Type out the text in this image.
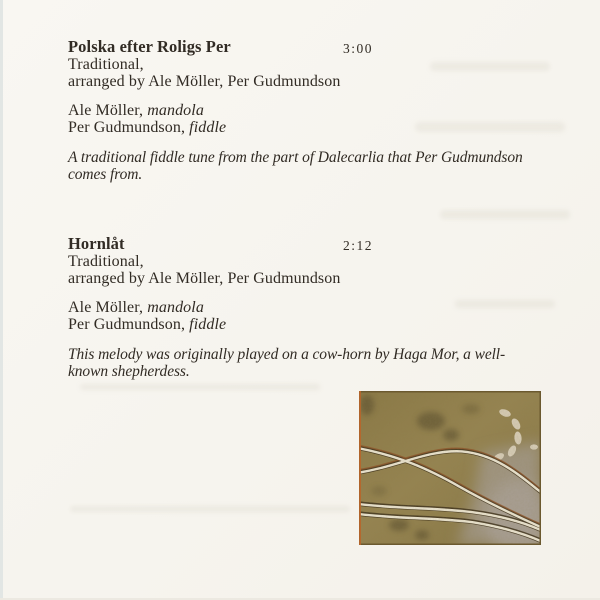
Polska efter Roligs Per	3:00

Traditional,

arranged by Ale Möller, Per Gudmundson

Ale Möller, mandola

Per Gudmundson, fiddle

A traditional fiddle tune from the part of Dalecarlia that Per Gudmundson

comes from.

Hornlåt	2:12

Traditional,

arranged by Ale Möller, Per Gudmundson

Ale Möller, mandola

Per Gudmundson, fiddle

This melody was originally played on a cow-horn by Haga Mor, a well-

known shepherdess.
